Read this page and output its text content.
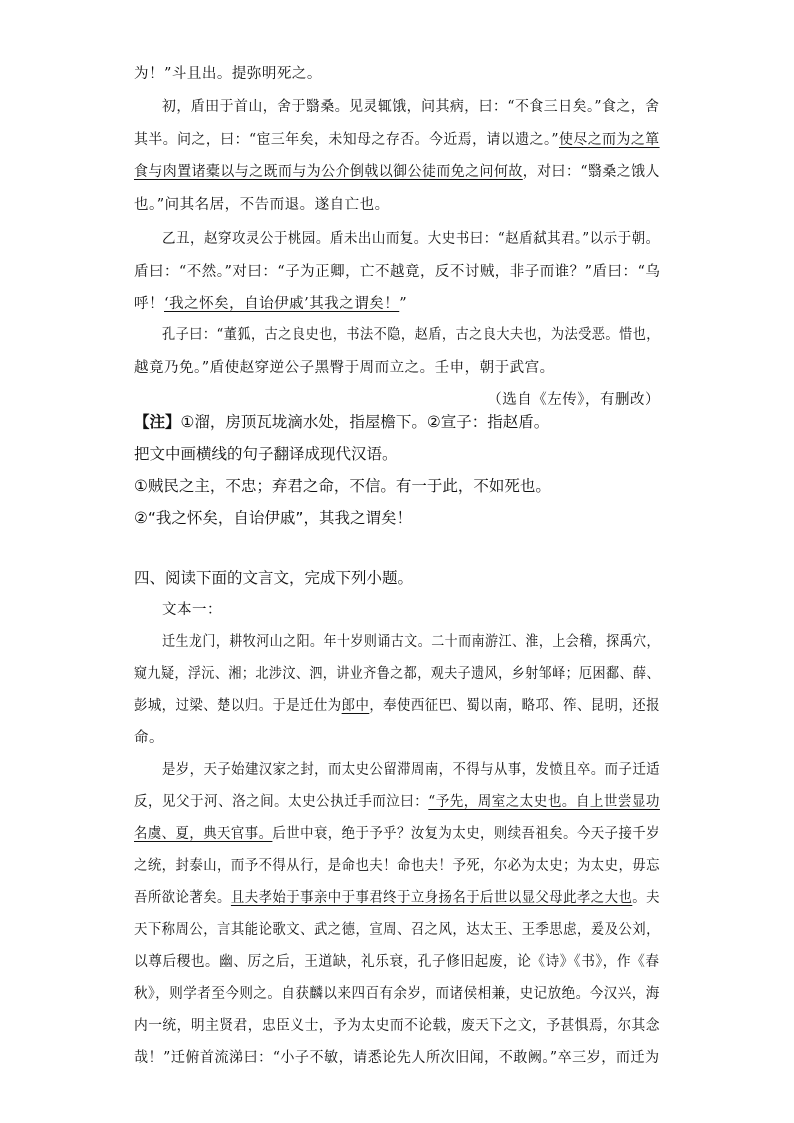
为！”斗且出。提弥明死之。
初，盾田于首山，舍于翳桑。见灵辄饿，问其病，曰：“不食三日矣。”食之，舍
其半。问之，曰：“宦三年矣，未知母之存否。今近焉，请以遗之。”使尽之而为之箪
食与肉置诸橐以与之既而与为公介倒戟以御公徒而免之问何故，对曰：“翳桑之饿人
也。”问其名居，不告而退。遂自亡也。
乙丑，赵穿攻灵公于桃园。盾未出山而复。大史书曰：“赵盾弑其君。”以示于朝。
盾曰：“不然。”对曰：“子为正卿，亡不越竟，反不讨贼，非子而谁？”盾曰：“乌
呼！‘我之怀矣，自诒伊戚’其我之谓矣！”
孔子曰：“董狐，古之良史也，书法不隐，赵盾，古之良大夫也，为法受恶。惜也，
越竟乃免。”盾使赵穿逆公子黑臀于周而立之。壬申，朝于武宫。
（选自《左传》，有删改）
【注】①溜，房顶瓦垅滴水处，指屋檐下。②宣子：指赵盾。
把文中画横线的句子翻译成现代汉语。
①贼民之主，不忠；弃君之命，不信。有一于此，不如死也。
②“我之怀矣，自诒伊戚”，其我之谓矣！
四、阅读下面的文言文，完成下列小题。
文本一：
迁生龙门，耕牧河山之阳。年十岁则诵古文。二十而南游江、淮，上会稽，探禹穴，
窥九疑，浮沅、湘；北涉汶、泗，讲业齐鲁之都，观夫子遗风，乡射邹峄；厄困鄱、薛、
彭城，过梁、楚以归。于是迁仕为郎中，奉使西征巴、蜀以南，略邛、筰、昆明，还报
命。
是岁，天子始建汉家之封，而太史公留滞周南，不得与从事，发愤且卒。而子迁适
反，见父于河、洛之间。太史公执迁手而泣曰：“予先，周室之太史也。自上世尝显功
名虞、夏，典天官事。后世中衰，绝于予乎？汝复为太史，则续吾祖矣。今天子接千岁
之统，封泰山，而予不得从行，是命也夫！命也夫！予死，尔必为太史；为太史，毋忘
吾所欲论著矣。且夫孝始于事亲中于事君终于立身扬名于后世以显父母此孝之大也。夫
天下称周公，言其能论歌文、武之德，宣周、召之风，达太王、王季思虑，爰及公刘，
以尊后稷也。幽、厉之后，王道缺，礼乐衰，孔子修旧起废，论《诗》《书》，作《春
秋》，则学者至今则之。自获麟以来四百有余岁，而诸侯相兼，史记放绝。今汉兴，海
内一统，明主贤君，忠臣义士，予为太史而不论载，废天下之文，予甚惧焉，尔其念
哉！”迁俯首流涕曰：“小子不敏，请悉论先人所次旧闻，不敢阙。”卒三岁，而迁为
